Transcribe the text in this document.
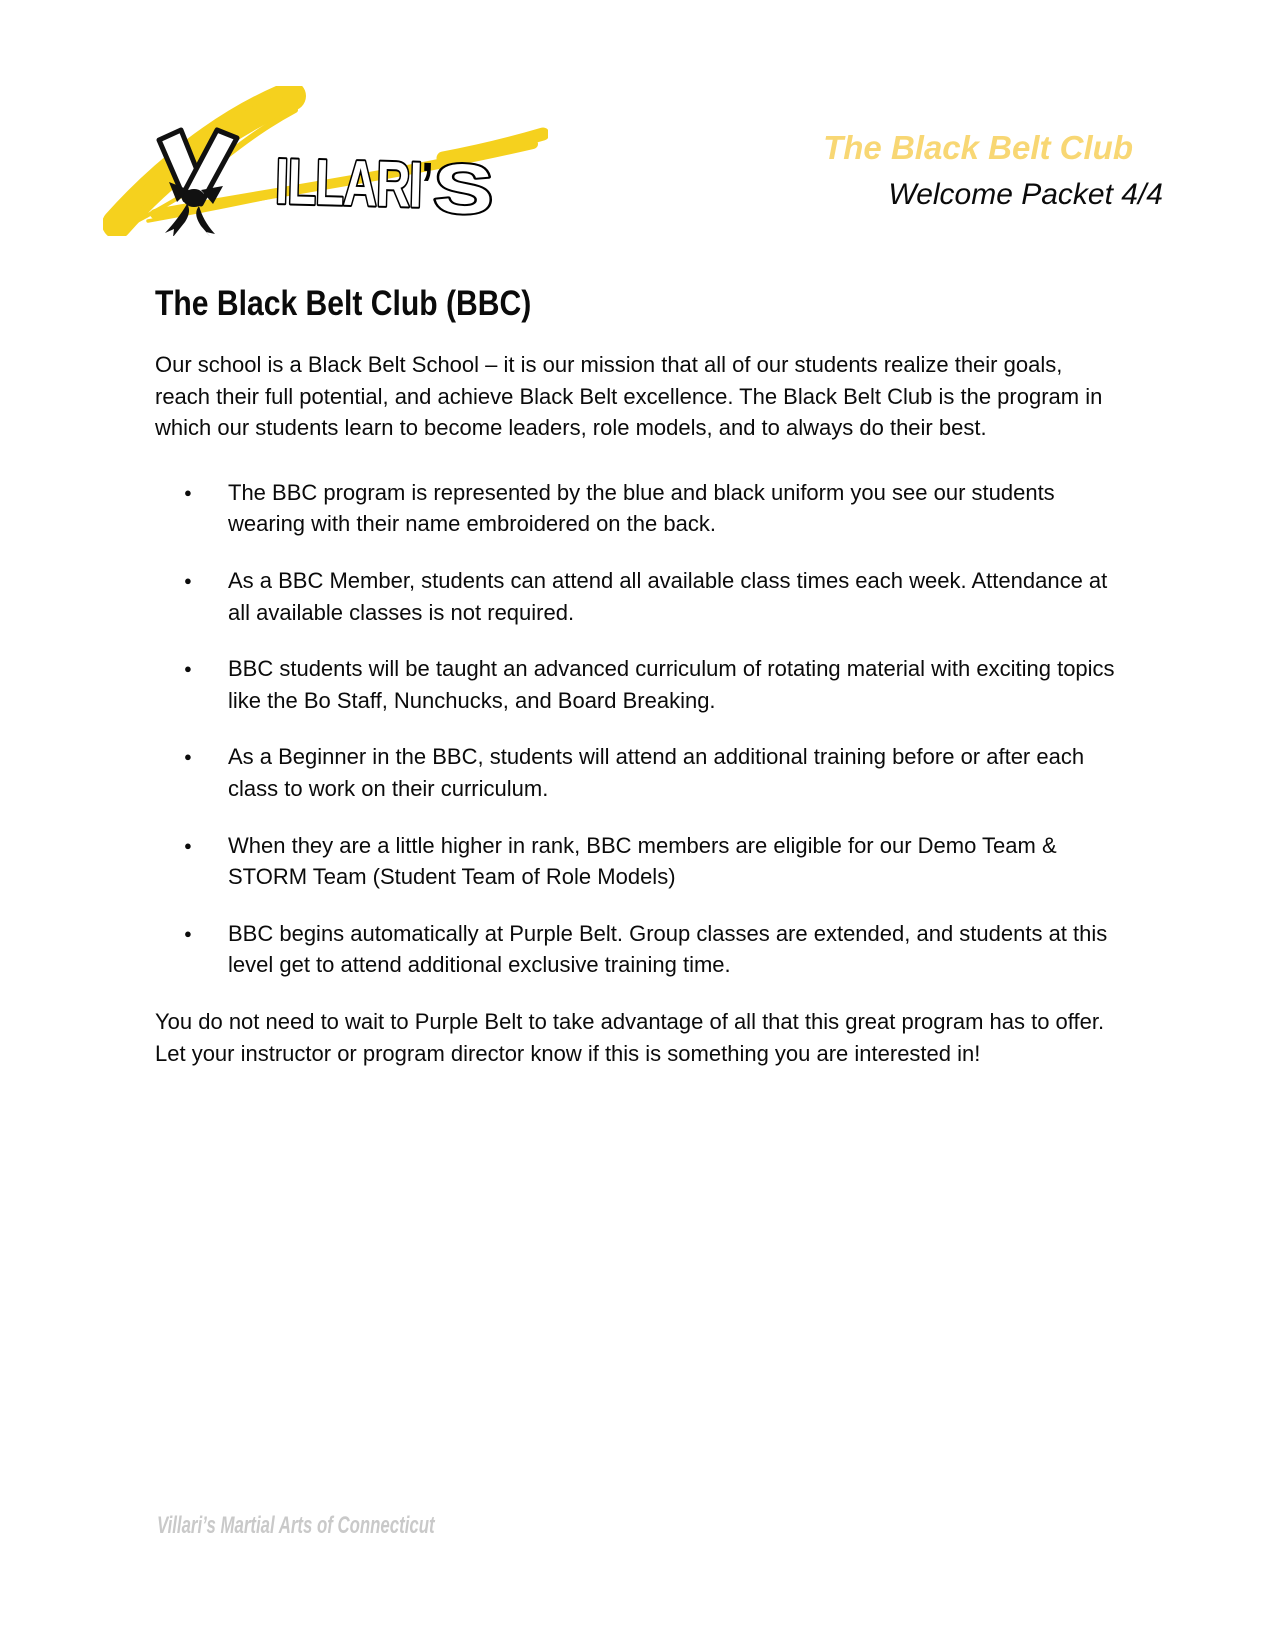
ILLARI
’
S
The Black Belt Club
Welcome Packet 4/4
The Black Belt Club (BBC)

Our school is a Black Belt School – it is our mission that all of our students realize their goals, reach their full potential, and achieve Black Belt excellence. The Black Belt Club is the program in which our students learn to become leaders, role models, and to always do their best.

● The BBC program is represented by the blue and black uniform you see our students wearing with their name embroidered on the back.
● As a BBC Member, students can attend all available class times each week. Attendance at all available classes is not required.
● BBC students will be taught an advanced curriculum of rotating material with exciting topics like the Bo Staff, Nunchucks, and Board Breaking.
● As a Beginner in the BBC, students will attend an additional training before or after each class to work on their curriculum.
● When they are a little higher in rank, BBC members are eligible for our Demo Team & STORM Team (Student Team of Role Models)
● BBC begins automatically at Purple Belt. Group classes are extended, and students at this level get to attend additional exclusive training time.

You do not need to wait to Purple Belt to take advantage of all that this great program has to offer. Let your instructor or program director know if this is something you are interested in!

Villari’s Martial Arts of Connecticut
